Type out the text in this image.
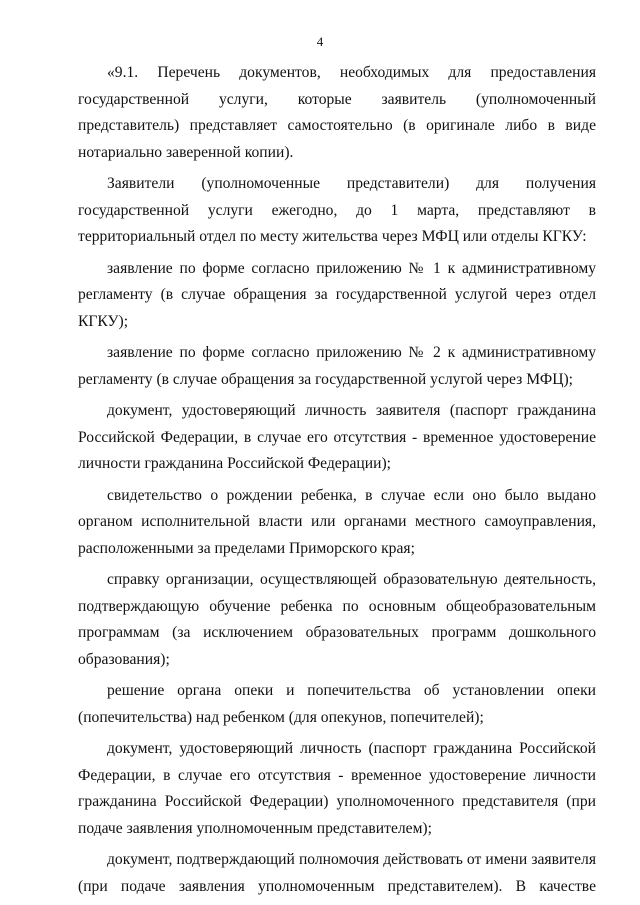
4

«9.1. Перечень документов, необходимых для предоставления государственной услуги, которые заявитель (уполномоченный представитель) представляет самостоятельно (в оригинале либо в виде нотариально заверенной копии).

Заявители (уполномоченные представители) для получения государственной услуги ежегодно, до 1 марта, представляют в территориальный отдел по месту жительства через МФЦ или отделы КГКУ:

заявление по форме согласно приложению № 1 к административному регламенту (в случае обращения за государственной услугой через отдел КГКУ);

заявление по форме согласно приложению № 2 к административному регламенту (в случае обращения за государственной услугой через МФЦ);

документ, удостоверяющий личность заявителя (паспорт гражданина Российской Федерации, в случае его отсутствия - временное удостоверение личности гражданина Российской Федерации);

свидетельство о рождении ребенка, в случае если оно было выдано органом исполнительной власти или органами местного самоуправления, расположенными за пределами Приморского края;

справку организации, осуществляющей образовательную деятельность, подтверждающую обучение ребенка по основным общеобразовательным программам (за исключением образовательных программ дошкольного образования);

решение органа опеки и попечительства об установлении опеки (попечительства) над ребенком (для опекунов, попечителей);

документ, удостоверяющий личность (паспорт гражданина Российской Федерации, в случае его отсутствия - временное удостоверение личности гражданина Российской Федерации) уполномоченного представителя (при подаче заявления уполномоченным представителем);

документ, подтверждающий полномочия действовать от имени заявителя (при подаче заявления уполномоченным представителем). В качестве
